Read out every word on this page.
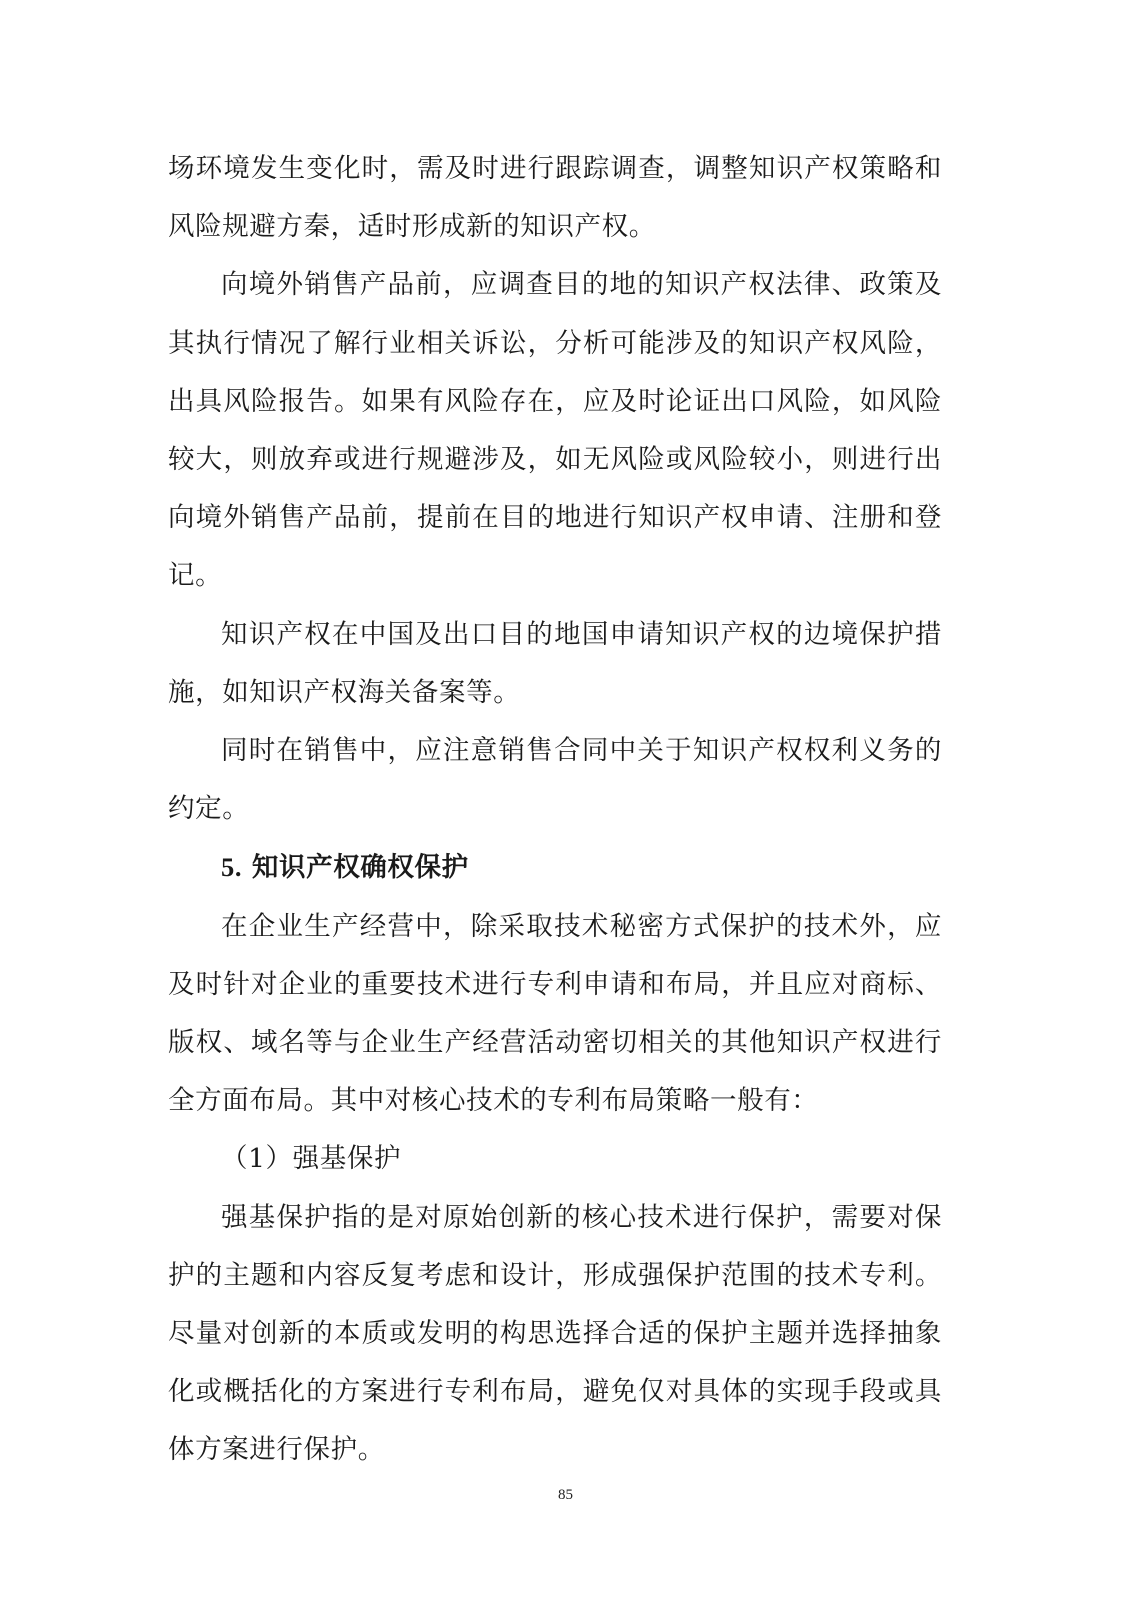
场环境发生变化时，需及时进行跟踪调查，调整知识产权策略和风险规避方秦，适时形成新的知识产权。

向境外销售产品前，应调查目的地的知识产权法律、政策及其执行情况了解行业相关诉讼，分析可能涉及的知识产权风险，出具风险报告。如果有风险存在，应及时论证出口风险，如风险较大，则放弃或进行规避涉及，如无风险或风险较小，则进行出向境外销售产品前，提前在目的地进行知识产权申请、注册和登记。

知识产权在中国及出口目的地国申请知识产权的边境保护措施，如知识产权海关备案等。

同时在销售中，应注意销售合同中关于知识产权权利义务的约定。

5. 知识产权确权保护

在企业生产经营中，除采取技术秘密方式保护的技术外，应及时针对企业的重要技术进行专利申请和布局，并且应对商标、版权、域名等与企业生产经营活动密切相关的其他知识产权进行全方面布局。其中对核心技术的专利布局策略一般有：

（1）强基保护

强基保护指的是对原始创新的核心技术进行保护，需要对保护的主题和内容反复考虑和设计，形成强保护范围的技术专利。尽量对创新的本质或发明的构思选择合适的保护主题并选择抽象化或概括化的方案进行专利布局，避免仅对具体的实现手段或具体方案进行保护。

85
